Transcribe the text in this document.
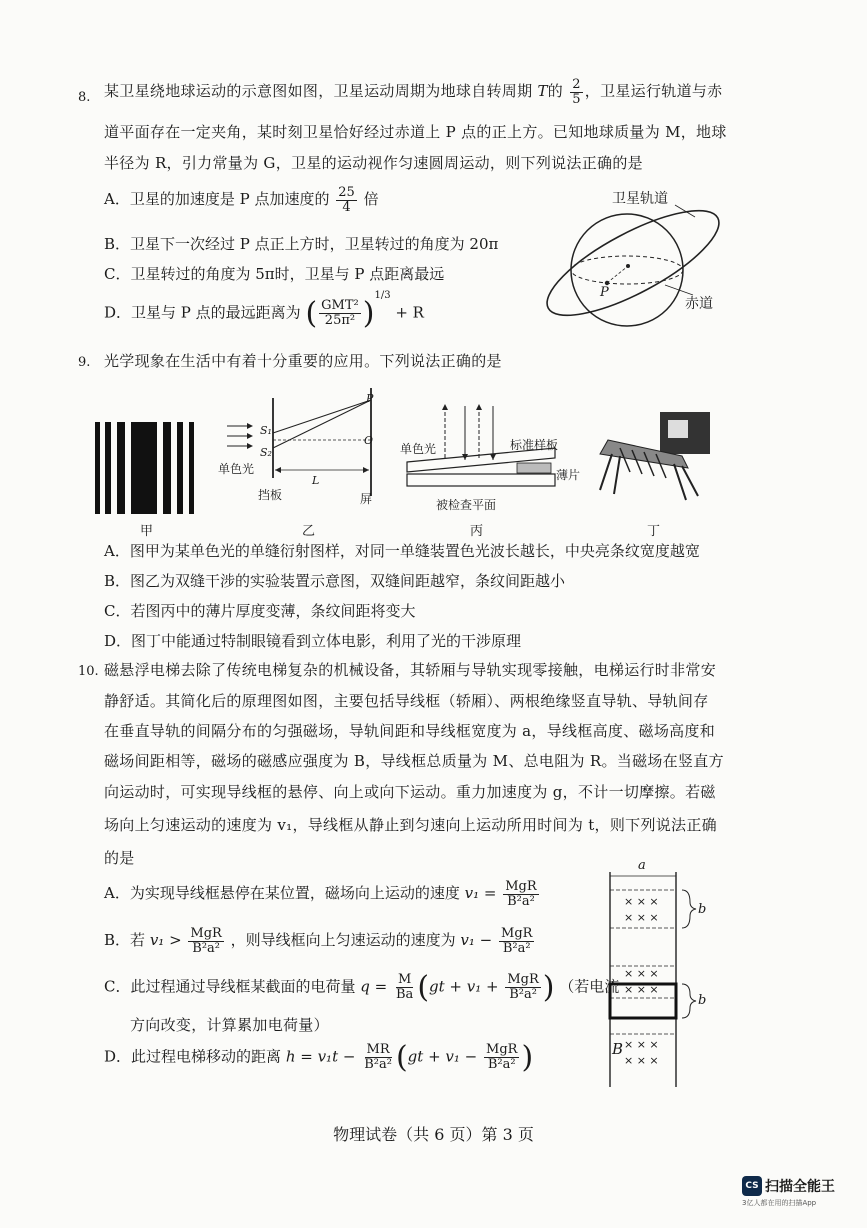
8. 某卫星绕地球运动的示意图如图，卫星运动周期为地球自转周期 T的 $\frac{2}{5}$ ，卫星运行轨道与赤
道平面存在一定夹角，某时刻卫星恰好经过赤道上 P 点的正上方。已知地球质量为 M，地球
半径为 R，引力常量为 G，卫星的运动视作匀速圆周运动，则下列说法正确的是
A．卫星的加速度是 P 点加速度的 $\frac{25}{4}$ 倍
B．卫星下一次经过 P 点正上方时，卫星转过的角度为 20π
C．卫星转过的角度为 5π时，卫星与 P 点距离最远
D．卫星与 P 点的最远距离为 ( $\frac{\text{GMT²}}{\text{25π²}} )^{1/3} + R$
卫星轨道
赤道
P
9. 光学现象在生活中有着十分重要的应用。下列说法正确的是
单色光
S₁
S₂
P
O
L
挡板	屏
单色光	标准样板
薄片
被检查平面
甲	乙	丙	丁
A．图甲为某单色光的单缝衍射图样，对同一单缝装置色光波长越长，中央亮条纹宽度越宽
B．图乙为双缝干涉的实验装置示意图，双缝间距越窄，条纹间距越小
C．若图丙中的薄片厚度变薄，条纹间距将变大
D．图丁中能通过特制眼镜看到立体电影，利用了光的干涉原理
10. 磁悬浮电梯去除了传统电梯复杂的机械设备，其轿厢与导轨实现零接触，电梯运行时非常安
静舒适。其简化后的原理图如图，主要包括导线框（轿厢）、两根绝缘竖直导轨、导轨间存
在垂直导轨的间隔分布的匀强磁场，导轨间距和导线框宽度为 a，导线框高度、磁场高度和
磁场间距相等，磁场的磁感应强度为 B，导线框总质量为 M、总电阻为 R。当磁场在竖直方
向运动时，可实现导线框的悬停、向上或向下运动。重力加速度为 g，不计一切摩擦。若磁
场向上匀速运动的速度为 v₁，导线框从静止到匀速向上运动所用时间为 t，则下列说法正确
的是
A．为实现导线框悬停在某位置，磁场向上运动的速度 $v_1 = \frac{\text{MgR}}{\text{B²a²}}$
B．若 $v_1 > \frac{\text{MgR}}{\text{B²a²}}$ ，则导线框向上匀速运动的速度为 $v_1 - \frac{\text{MgR}}{\text{B²a²}}$
C．此过程通过导线框某截面的电荷量 $q = \frac{M}{Ba} (gt + v_1 + \frac{\text{MgR}}{\text{B²a²}}$ ) （若电流
方向改变，计算累加电荷量）
D．此过程电梯移动的距离 $h = v_1t - \frac{MR}{\text{B²a²}} (gt + v_1 - \frac{\text{MgR}}{\text{B²a²}}$ )
a
b
b
× × ×
× × ×
× × ×
× × ×
B × × ×
× × ×
物理试卷（共 6 页）第 3 页
CS 扫描全能王
3亿人都在用的扫描App
